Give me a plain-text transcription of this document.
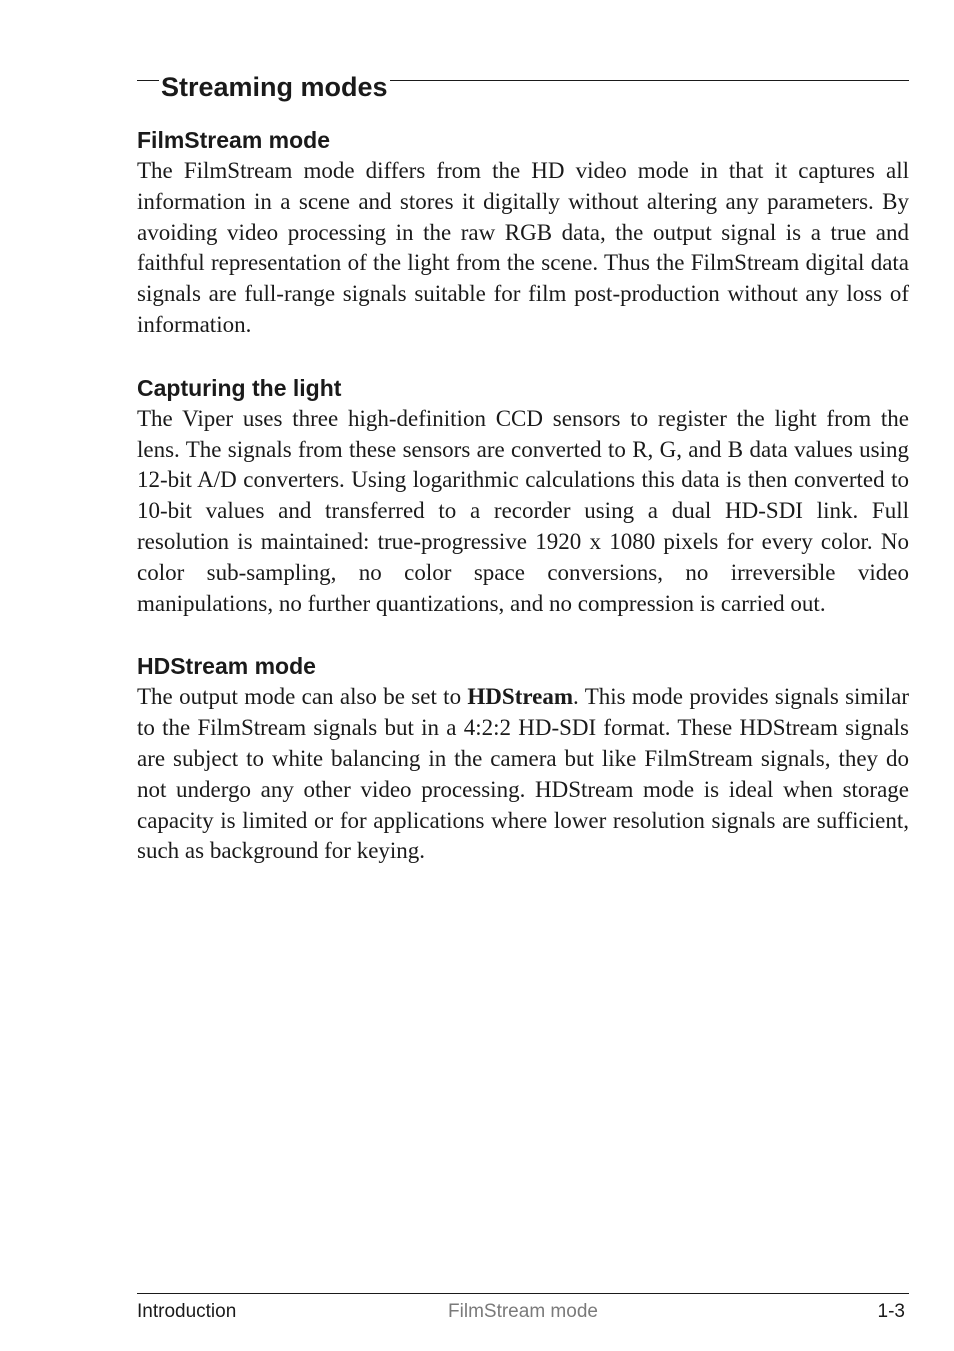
Streaming modes
FilmStream mode

The FilmStream mode differs from the HD video mode in that it captures all information in a scene and stores it digitally without altering any parameters. By avoiding video processing in the raw RGB data, the output signal is a true and faithful representation of the light from the scene. Thus the FilmStream digital data signals are full-range signals suitable for film post-production without any loss of information.

Capturing the light

The Viper uses three high-definition CCD sensors to register the light from the lens. The signals from these sensors are converted to R, G, and B data values using 12-bit A/D converters. Using logarithmic calculations this data is then converted to 10-bit values and transferred to a recorder using a dual HD-SDI link. Full resolution is maintained: true-progressive 1920 x 1080 pixels for every color. No color sub-sampling, no color space conversions, no irreversible video manipulations, no further quantizations, and no compression is carried out.

HDStream mode

The output mode can also be set to HDStream. This mode provides signals similar to the FilmStream signals but in a 4:2:2 HD-SDI format. These HDStream signals are subject to white balancing in the camera but like FilmStream signals, they do not undergo any other video processing. HDStream mode is ideal when storage capacity is limited or for applications where lower resolution signals are sufficient, such as background for keying.

Introduction	FilmStream mode	1-3
